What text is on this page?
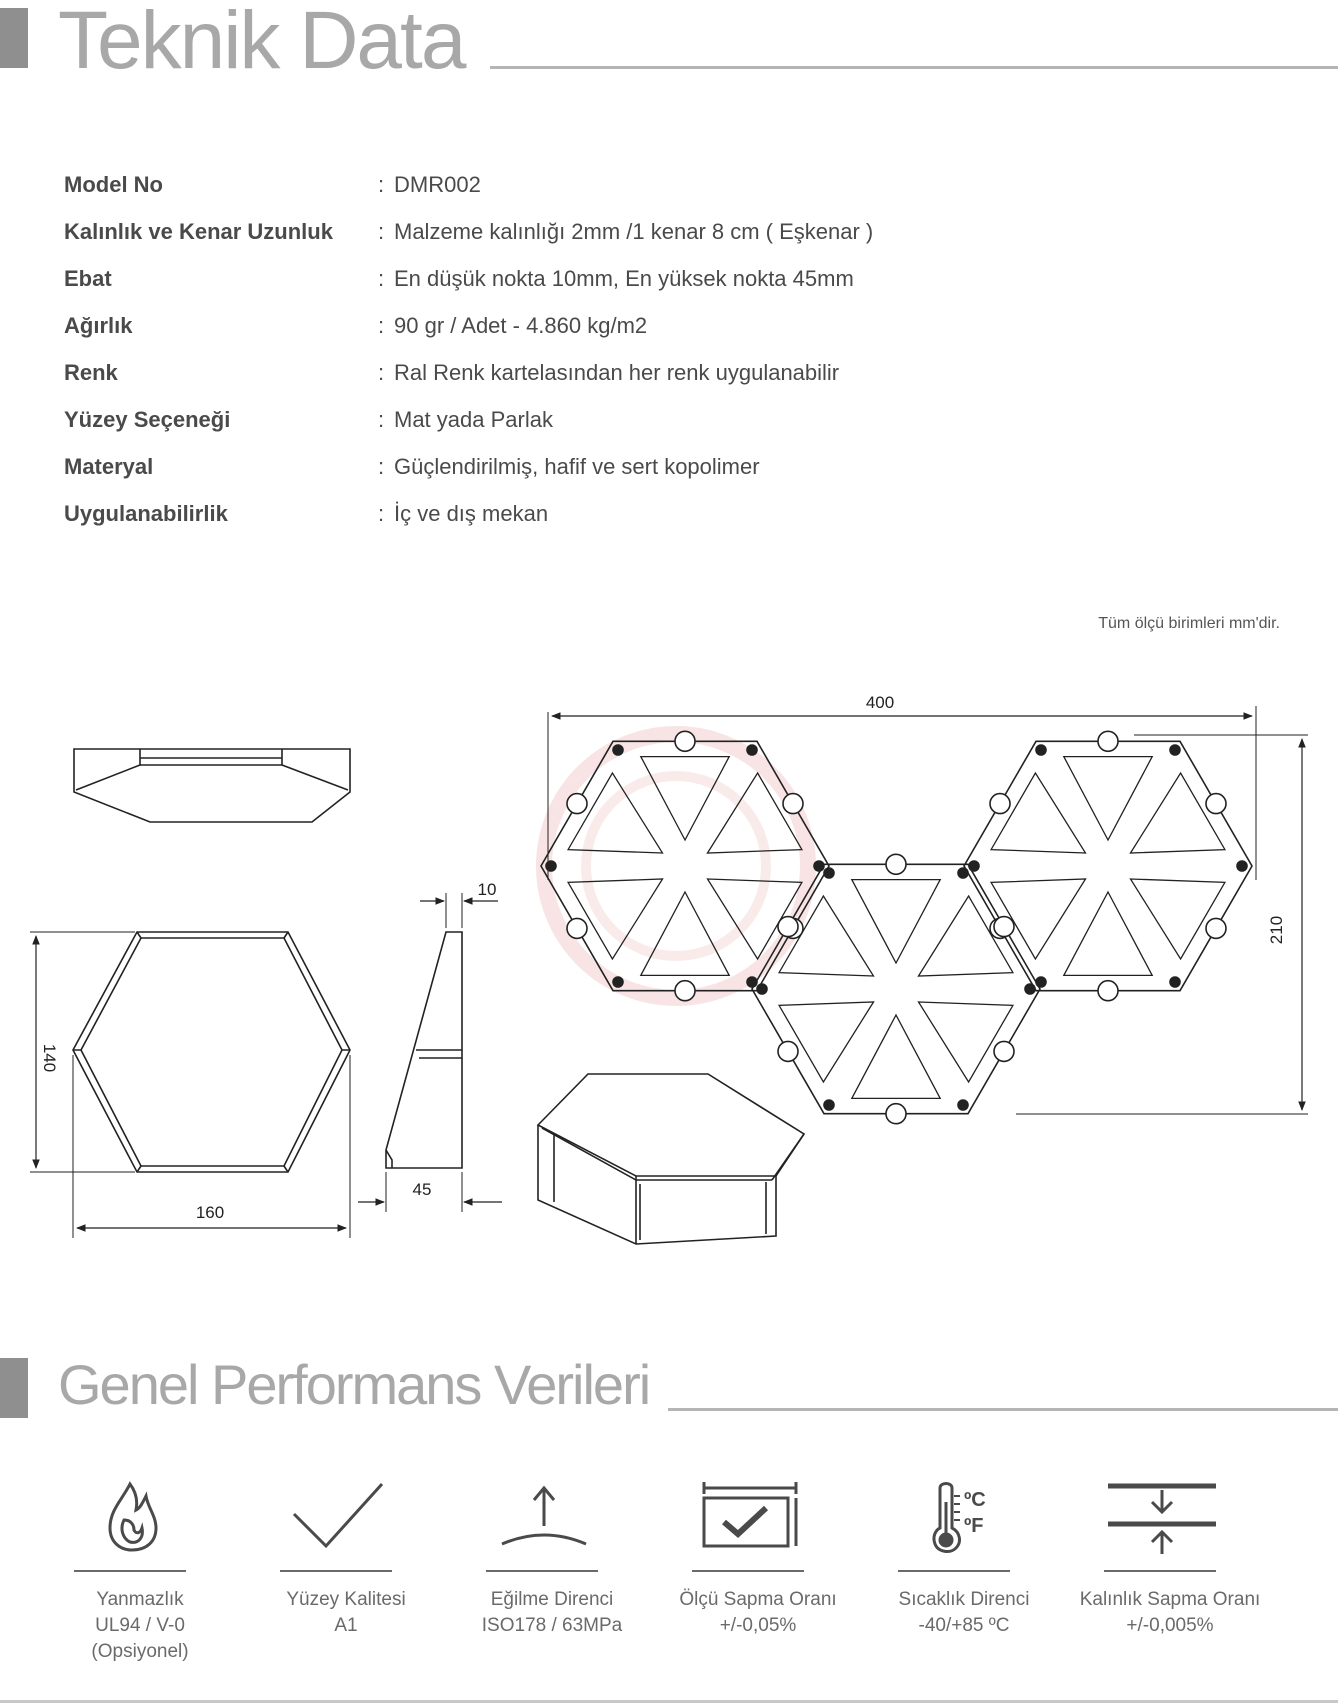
Teknik Data
Model No	: DMR002
Kalınlık ve Kenar Uzunluk : Malzeme kalınlığı 2mm /1 kenar 8 cm ( Eşkenar )
Ebat	: En düşük nokta 10mm, En yüksek nokta 45mm
Ağırlık	: 90 gr / Adet - 4.860 kg/m2
Renk	: Ral Renk kartelasından her renk uygulanabilir
Yüzey Seçeneği	: Mat yada Parlak
Materyal	: Güçlendirilmiş, hafif ve sert kopolimer
Uygulanabilirlik	: İç ve dış mekan
Tüm ölçü birimleri mm'dir.
140
160
10
45
400
210
Genel Performans Verileri
Yanmazlık
UL94 / V-0
(Opsiyonel)
Yüzey Kalitesi
A1
Eğilme Direnci
ISO178 / 63MPa
Ölçü Sapma Oranı
+/-0,05%
ºC
ºF
Sıcaklık Direnci
-40/+85 ºC
Kalınlık Sapma Oranı
+/-0,005%
